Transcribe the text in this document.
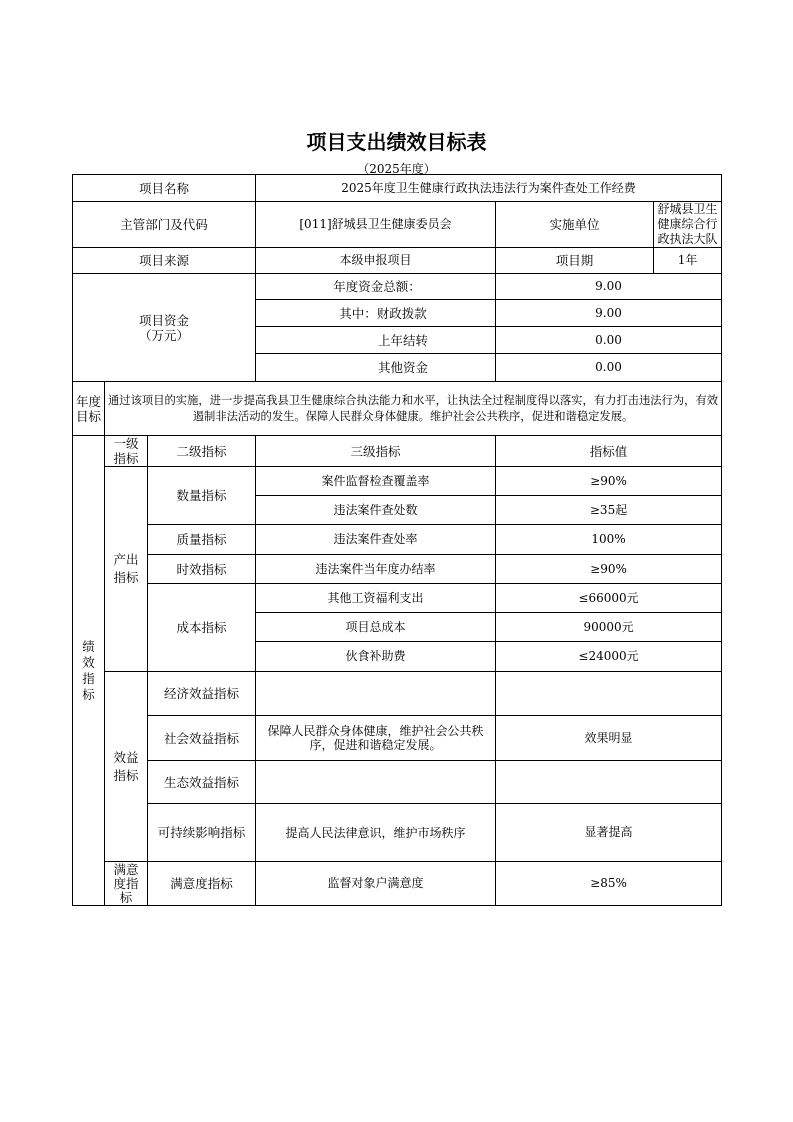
项目支出绩效目标表
（2025年度）
项目名称			2025年度卫生健康行政执法违法行为案件查处工作经费		
主管部门及代码			[011]舒城县卫生健康委员会	实施单位	舒城县卫生健康综合行政执法大队
项目来源			本级申报项目	项目期	1年
项目资金
（万元）			年度资金总额：	9.00	
			其中：财政拨款	9.00	
			上年结转	0.00	
			其他资金	0.00	
年度目标	通过该项目的实施，进一步提高我县卫生健康综合执法能力和水平，让执法全过程制度得以落实，有力打击违法行为，有效遏制非法活动的发生。保障人民群众身体健康。维护社会公共秩序，促进和谐稳定发展。				
绩效指标	一级指标	二级指标	三级指标	指标值	
	产出指标	数量指标	案件监督检查覆盖率	≥90%	
			违法案件查处数	≥35起	
		质量指标	违法案件查处率	100%	
		时效指标	违法案件当年度办结率	≥90%	
		成本指标	其他工资福利支出	≤66000元	
			项目总成本	90000元	
			伙食补助费	≤24000元	
	效益指标	经济效益指标			
		社会效益指标	保障人民群众身体健康，维护社会公共秩序，促进和谐稳定发展。	效果明显	
		生态效益指标			
		可持续影响指标	提高人民法律意识，维护市场秩序	显著提高	
	满意度指标	满意度指标	监督对象户满意度	≥85%	
